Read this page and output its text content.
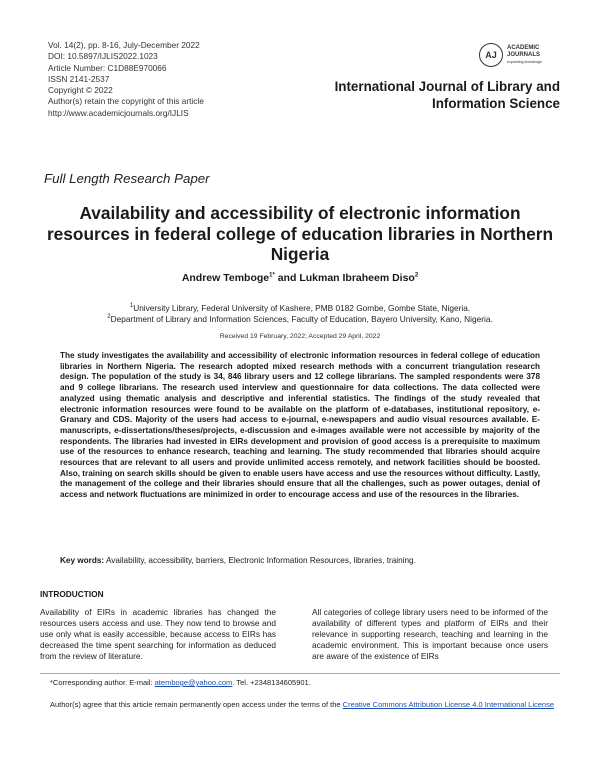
Vol. 14(2), pp. 8-16, July-December 2022
DOI: 10.5897/IJLIS2022.1023
Article Number: C1D88E970066
ISSN 2141-2537
Copyright © 2022
Author(s) retain the copyright of this article
http://www.academicjournals.org/IJLIS
AJ
ACADEMIC
JOURNALS
expanding knowledge
International Journal of Library and
Information Science
Full Length Research Paper
Availability and accessibility of electronic information resources in federal college of education libraries in Northern Nigeria
Andrew Temboge$^{1*}$ and Lukman Ibraheem Diso$^2$
$^1$University Library, Federal University of Kashere, PMB 0182 Gombe, Gombe State, Nigeria.
$^2$Department of Library and Information Sciences, Faculty of Education, Bayero University, Kano, Nigeria.
Received 19 February, 2022; Accepted 29 April, 2022
The study investigates the availability and accessibility of electronic information resources in federal college of education libraries in Northern Nigeria. The research adopted mixed research methods with a concurrent triangulation research design. The population of the study is 34, 846 library users and 12 college librarians. The sampled respondents were 378 and 9 college librarians. The research used interview and questionnaire for data collections. The data collected were analyzed using thematic analysis and descriptive and inferential statistics. The findings of the study revealed that electronic information resources were found to be available on the platform of e-databases, institutional repository, e-Granary and CDS. Majority of the users had access to e-journal, e-newspapers and audio visual resources available. E-manuscripts, e-dissertations/theses/projects, e-discussion and e-images available were not accessible by majority of the respondents. The libraries had invested in EIRs development and provision of good access is a prerequisite to maximum use of the resources to enhance research, teaching and learning. The study recommended that libraries should acquire resources that are relevant to all users and provide unlimited access remotely, and network facilities should be boosted. Also, training on search skills should be given to enable users have access and use the resources without difficulty. Lastly, the management of the college and their libraries should ensure that all the challenges, such as power outages, denial of access and network fluctuations are minimized in order to encourage access and use of the resources in the libraries.
Key words: Availability, accessibility, barriers, Electronic Information Resources, libraries, training.
INTRODUCTION
Availability of EIRs in academic libraries has changed the resources users access and use. They now tend to browse and use only what is easily accessible, because access to EIRs has decreased the time spent searching for information as deduced from the review of literature.
All categories of college library users need to be informed of the availability of different types and platform of EIRs and their relevance in supporting research, teaching and learning in the academic environment. This is important because once users are aware of the existence of EIRs
*Corresponding author. E-mail: atemboge@yahoo.com. Tel. +2348134605901.
Author(s) agree that this article remain permanently open access under the terms of the Creative Commons Attribution License 4.0 International License
